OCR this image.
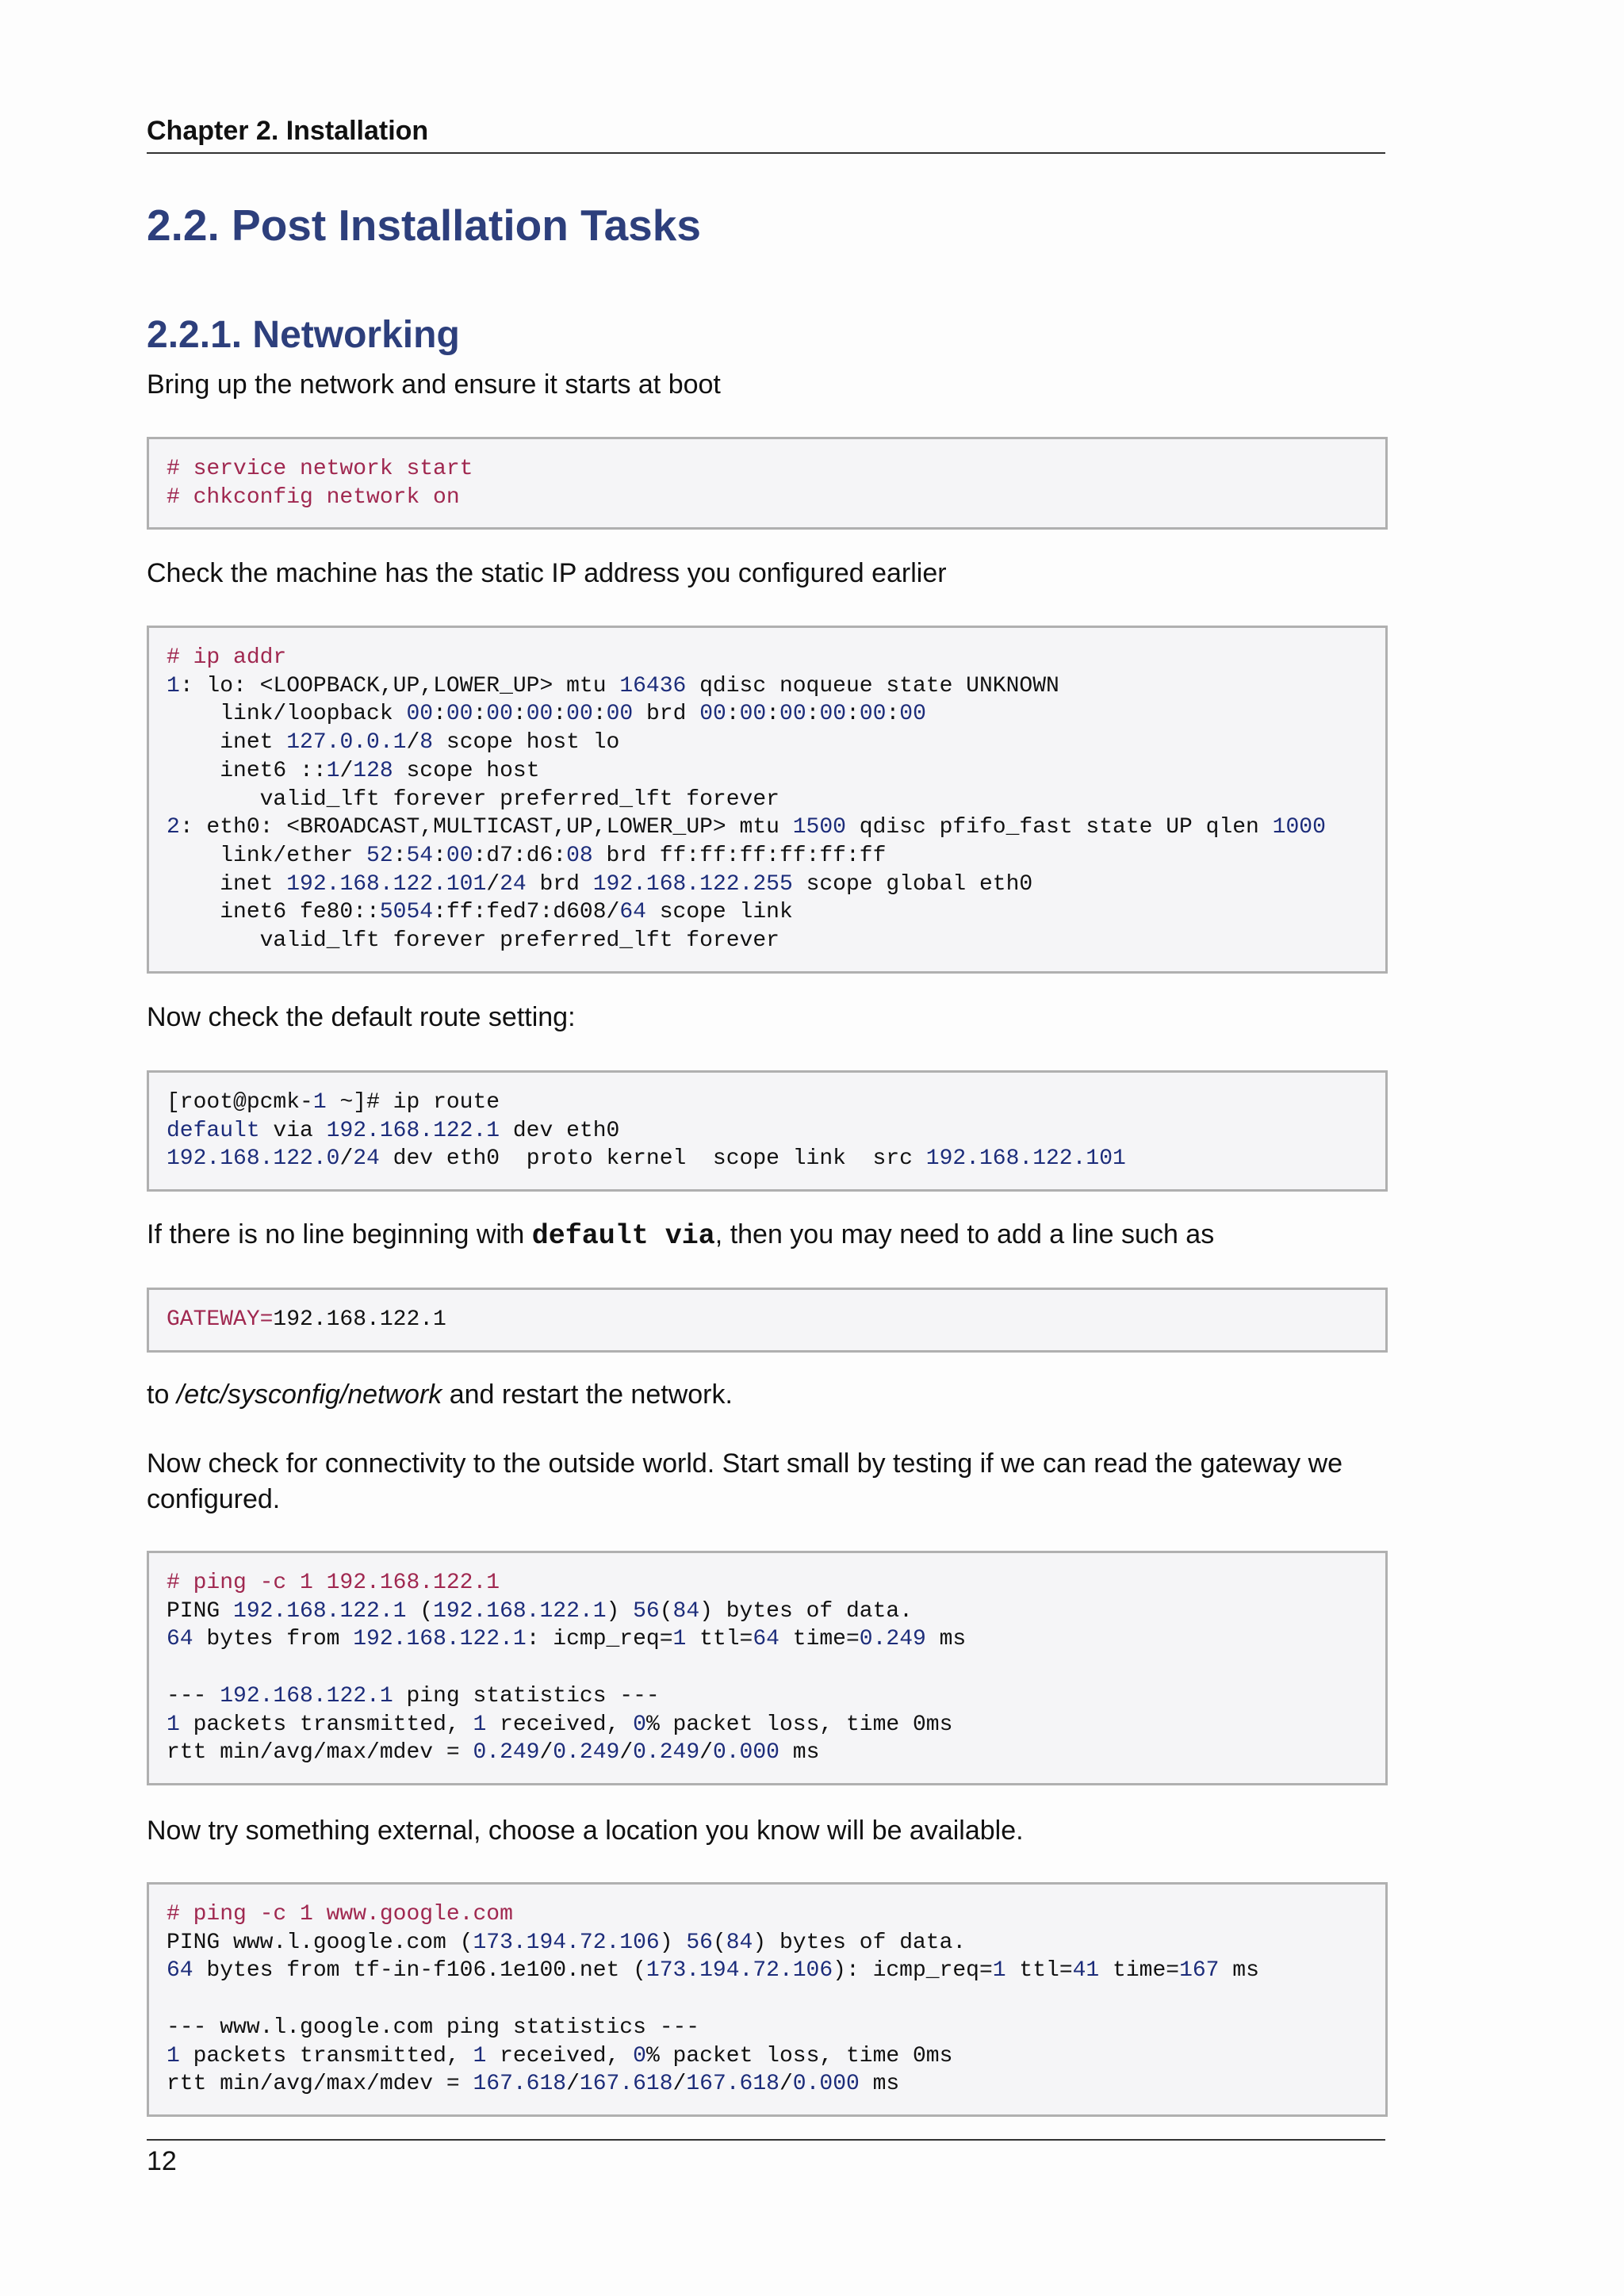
Chapter 2. Installation
2.2. Post Installation Tasks
2.2.1. Networking

Bring up the network and ensure it starts at boot

# service network start
# chkconfig network on

Check the machine has the static IP address you configured earlier

# ip addr
1: lo: <LOOPBACK,UP,LOWER_UP> mtu 16436 qdisc noqueue state UNKNOWN
link/loopback 00:00:00:00:00:00 brd 00:00:00:00:00:00
inet 127.0.0.1/8 scope host lo
inet6 ::1/128 scope host
valid_lft forever preferred_lft forever
2: eth0: <BROADCAST,MULTICAST,UP,LOWER_UP> mtu 1500 qdisc pfifo_fast state UP qlen 1000
link/ether 52:54:00:d7:d6:08 brd ff:ff:ff:ff:ff:ff
inet 192.168.122.101/24 brd 192.168.122.255 scope global eth0
inet6 fe80::5054:ff:fed7:d608/64 scope link
valid_lft forever preferred_lft forever

Now check the default route setting:

[root@pcmk-1 ~]# ip route
default via 192.168.122.1 dev eth0
192.168.122.0/24 dev eth0  proto kernel  scope link  src 192.168.122.101

If there is no line beginning with default via, then you may need to add a line such as

GATEWAY=192.168.122.1

to /etc/sysconfig/network and restart the network.

Now check for connectivity to the outside world. Start small by testing if we can read the gateway we configured.

# ping -c 1 192.168.122.1
PING 192.168.122.1 (192.168.122.1) 56(84) bytes of data.
64 bytes from 192.168.122.1: icmp_req=1 ttl=64 time=0.249 ms

--- 192.168.122.1 ping statistics ---
1 packets transmitted, 1 received, 0% packet loss, time 0ms
rtt min/avg/max/mdev = 0.249/0.249/0.249/0.000 ms

Now try something external, choose a location you know will be available.

# ping -c 1 www.google.com
PING www.l.google.com (173.194.72.106) 56(84) bytes of data.
64 bytes from tf-in-f106.1e100.net (173.194.72.106): icmp_req=1 ttl=41 time=167 ms

--- www.l.google.com ping statistics ---
1 packets transmitted, 1 received, 0% packet loss, time 0ms
rtt min/avg/max/mdev = 167.618/167.618/167.618/0.000 ms
12
